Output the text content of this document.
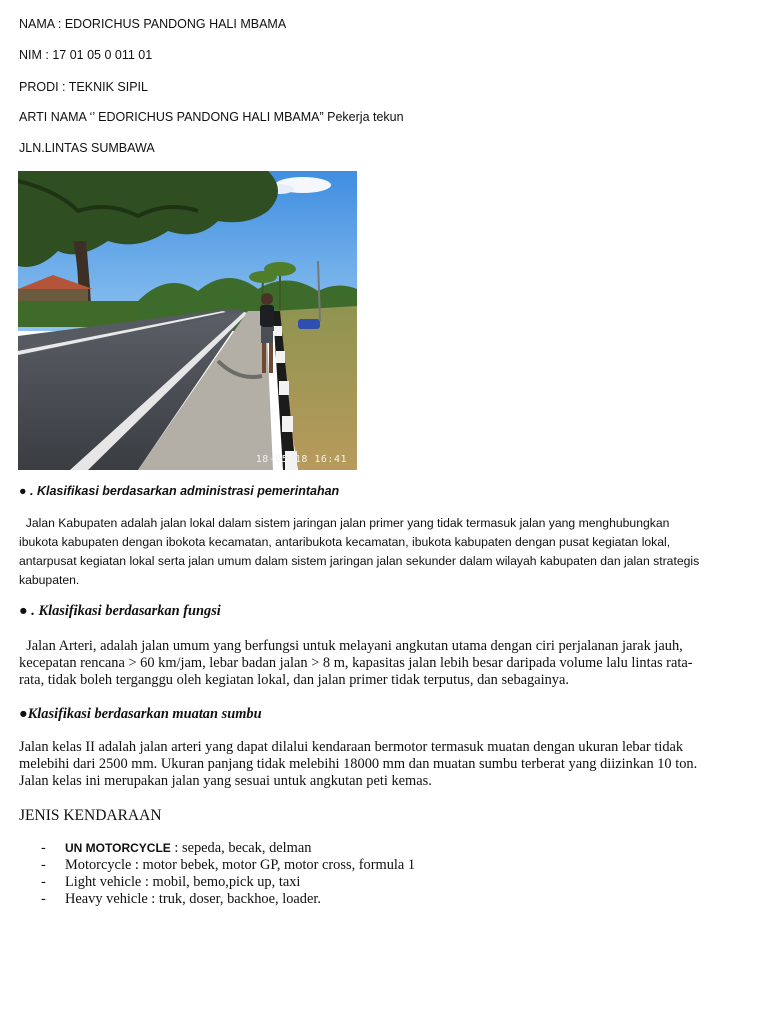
NAMA : EDORICHUS PANDONG HALI MBAMA
NIM : 17 01 05 0 011 01
PRODI : TEKNIK SIPIL
ARTI NAMA ‘’ EDORICHUS PANDONG HALI MBAMA” Pekerja tekun
JLN.LINTAS SUMBAWA
18-05-18 16:41
● . Klasifikasi berdasarkan administrasi pemerintahan
Jalan Kabupaten adalah jalan lokal dalam sistem jaringan jalan primer yang tidak termasuk jalan yang menghubungkan
ibukota kabupaten dengan ibokota kecamatan, antaribukota kecamatan, ibukota kabupaten dengan pusat kegiatan lokal,
antarpusat kegiatan lokal serta jalan umum dalam sistem jaringan jalan sekunder dalam wilayah kabupaten dan jalan strategis
kabupaten.
● . Klasifikasi berdasarkan fungsi
Jalan Arteri, adalah jalan umum yang berfungsi untuk melayani angkutan utama dengan ciri perjalanan jarak jauh,
kecepatan rencana > 60 km/jam, lebar badan jalan > 8 m, kapasitas jalan lebih besar daripada volume lalu lintas rata-
rata, tidak boleh terganggu oleh kegiatan lokal, dan jalan primer tidak terputus, dan sebagainya.
●Klasifikasi berdasarkan muatan sumbu
Jalan kelas II adalah jalan arteri yang dapat dilalui kendaraan bermotor termasuk muatan dengan ukuran lebar tidak
melebihi dari 2500 mm. Ukuran panjang tidak melebihi 18000 mm dan muatan sumbu terberat yang diizinkan 10 ton.
Jalan kelas ini merupakan jalan yang sesuai untuk angkutan peti kemas.
JENIS KENDARAAN
- UN MOTORCYCLE : sepeda, becak, delman
- Motorcycle : motor bebek, motor GP, motor cross, formula 1
- Light vehicle : mobil, bemo,pick up, taxi
- Heavy vehicle : truk, doser, backhoe, loader.
